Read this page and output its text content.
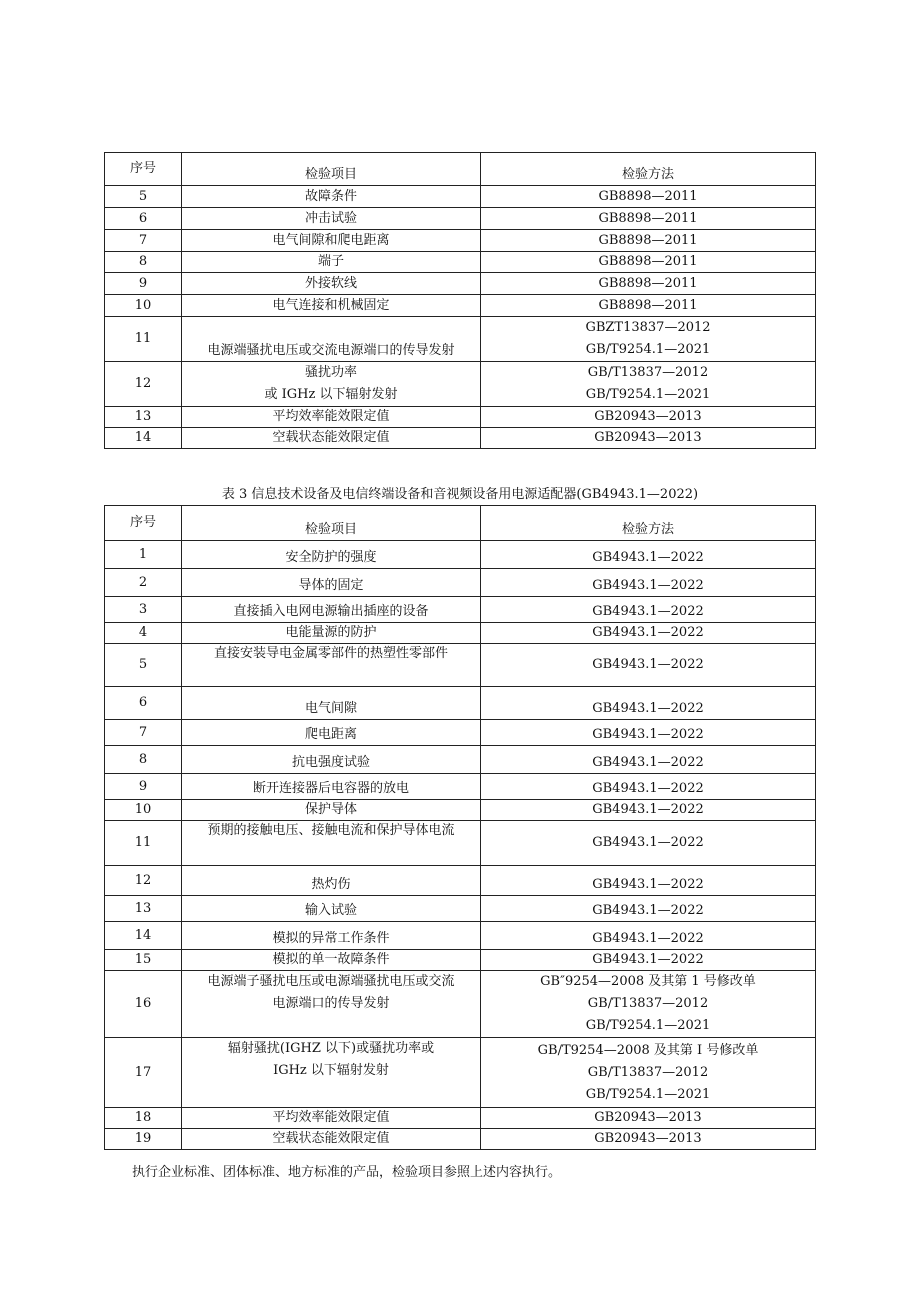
序号	检验项目	检验方法
5	故障条件	GB8898—2011
6	冲击试验	GB8898—2011
7	电气间隙和爬电距离	GB8898—2011
8	端子	GB8898—2011
9	外接软线	GB8898—2011
10	电气连接和机械固定	GB8898—2011
11	电源端骚扰电压或交流电源端口的传导发射	GBZT13837—2012
GB/T9254.1—2021

12	骚扰功率
或 IGHz 以下辐射发射	GB/T13837—2012
GB/T9254.1—2021

13	平均效率能效限定值	GB20943—2013
14	空载状态能效限定值	GB20943—2013
表 3 信息技术设备及电信终端设备和音视频设备用电源适配器(GB4943.1—2022)
序号	检验项目	检验方法
1	安全防护的强度	GB4943.1—2022
2	导体的固定	GB4943.1—2022
3	直接插入电网电源输出插座的设备	GB4943.1—2022
4	电能量源的防护	GB4943.1—2022
5	直接安装导电金属零部件的热塑性零部件	GB4943.1—2022
6	电气间隙	GB4943.1—2022
7	爬电距离	GB4943.1—2022
8	抗电强度试验	GB4943.1—2022
9	断开连接器后电容器的放电	GB4943.1—2022
10	保护导体	GB4943.1—2022
11	预期的接触电压、接触电流和保护导体电流	GB4943.1—2022
12	热灼伤	GB4943.1—2022
13	输入试验	GB4943.1—2022
14	模拟的异常工作条件	GB4943.1—2022
15	模拟的单一故障条件	GB4943.1—2022
16	电源端子骚扰电压或电源端骚扰电压或交流
电源端口的传导发射	GB″9254—2008 及其第 1 号修改单
GB/T13837—2012
GB/T9254.1—2021

17	辐射骚扰(IGHZ 以下)或骚扰功率或
IGHz 以下辐射发射	GB/T9254—2008 及其第 I 号修改单
GB/T13837—2012
GB/T9254.1—2021

18	平均效率能效限定值	GB20943—2013
19	空载状态能效限定值	GB20943—2013
执行企业标准、团体标准、地方标准的产品，检验项目参照上述内容执行。
